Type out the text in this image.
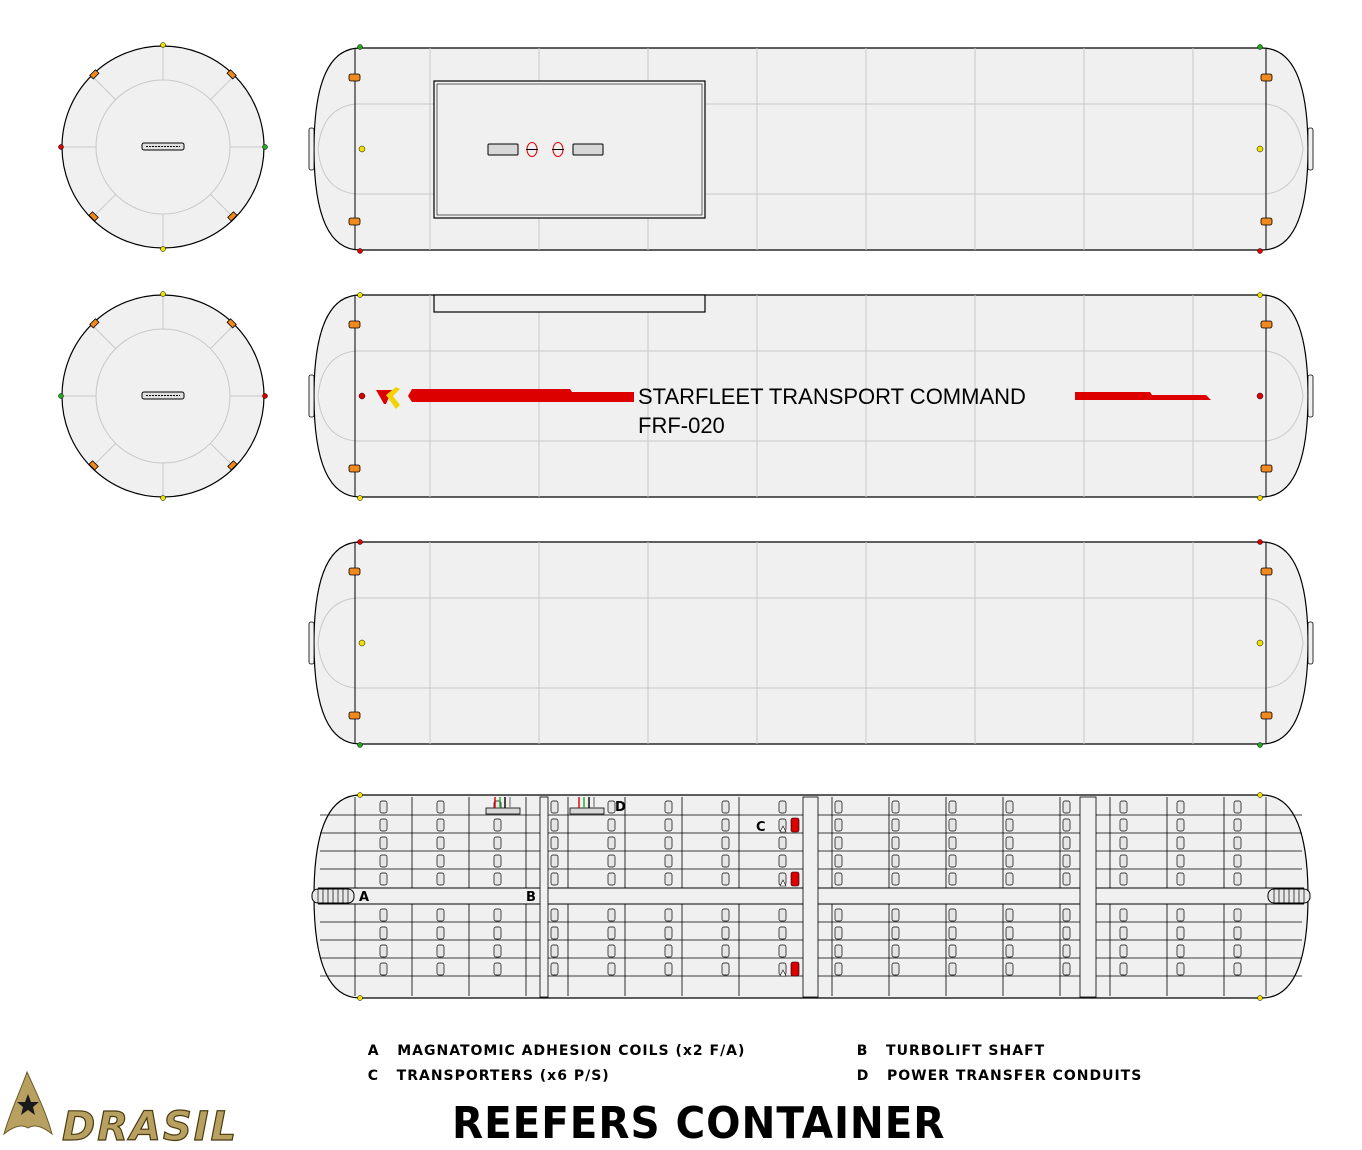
STARFLEET TRANSPORT COMMAND
FRF-020
A	B
C
D
DRASIL

A MAGNATOMIC ADHESION COILS (x2 F/A)	B TURBOLIFT SHAFT

C TRANSPORTERS (x6 P/S)	D POWER TRANSFER CONDUITS

REEFERS CONTAINER
